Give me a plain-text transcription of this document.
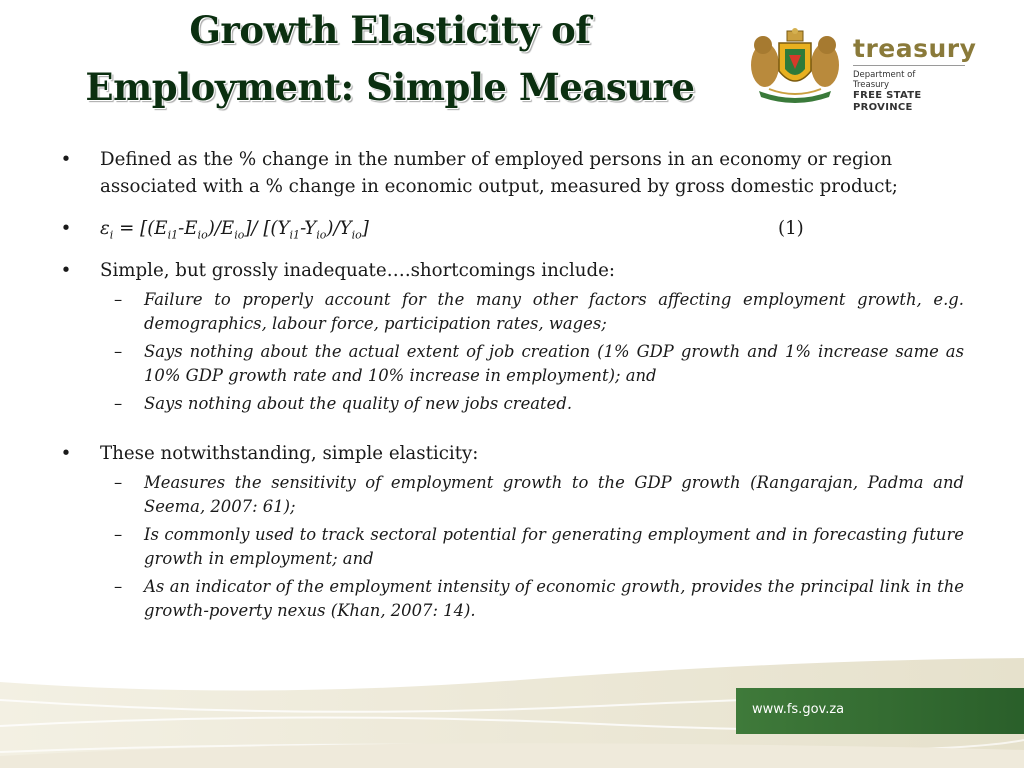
Growth Elasticity of
Employment: Simple Measure
treasury
Department of
Treasury
FREE STATE PROVINCE
• Defined as the % change in the number of employed persons in an economy or region associated with a % change in economic output, measured by gross domestic product;
• $\varepsilon_i = [(E_{i1}-E_{io})/E_{io}]/$ $[(Y_{i1}-Y_{io})/Y_{io}]$	(1)
• Simple, but grossly inadequate….shortcomings include:
– Failure to properly account for the many other factors affecting employment growth, e.g. demographics, labour force, participation rates, wages;
– Says nothing about the actual extent of job creation (1% GDP growth and 1% increase same as 10% GDP growth rate and 10% increase in employment); and
– Says nothing about the quality of new jobs created.
• These notwithstanding, simple elasticity:
– Measures the sensitivity of employment growth to the GDP growth (Rangarajan, Padma and Seema, 2007: 61);
– Is commonly used to track sectoral potential for generating employment and in forecasting future growth in employment; and
– As an indicator of the employment intensity of economic growth, provides the principal link in the growth-poverty nexus (Khan, 2007: 14).
www.fs.gov.za
